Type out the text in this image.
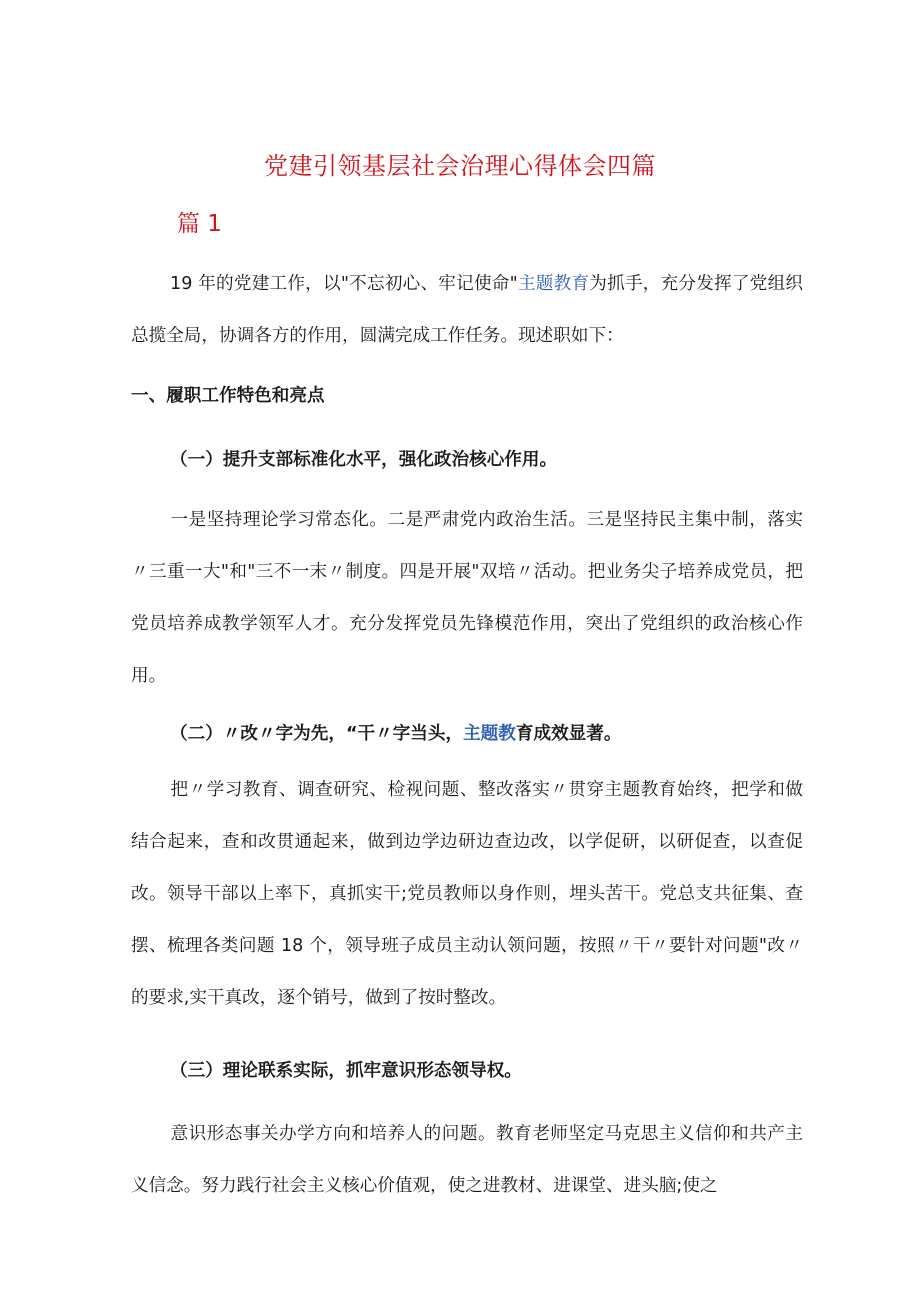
党建引领基层社会治理心得体会四篇
篇 1

19 年的党建工作，以"不忘初心、牢记使命"主题教育为抓手，充分发挥了党组织总揽全局，协调各方的作用，圆满完成工作任务。现述职如下：

一、履职工作特色和亮点

（一）提升支部标准化水平，强化政治核心作用。

一是坚持理论学习常态化。二是严肃党内政治生活。三是坚持民主集中制，落实〃三重一大"和"三不一末〃制度。四是开展"双培〃活动。把业务尖子培养成党员，把党员培养成教学领军人才。充分发挥党员先锋模范作用，突出了党组织的政治核心作用。

（二）〃改〃字为先，“干〃字当头，主题教育成效显著。

把〃学习教育、调查研究、检视问题、整改落实〃贯穿主题教育始终，把学和做结合起来，查和改贯通起来，做到边学边研边查边改，以学促研，以研促查，以查促改。领导干部以上率下，真抓实干;党员教师以身作则，埋头苦干。党总支共征集、查摆、梳理各类问题 18 个，领导班子成员主动认领问题，按照〃干〃要针对问题"改〃的要求,实干真改，逐个销号，做到了按时整改。

（三）理论联系实际，抓牢意识形态领导权。

意识形态事关办学方向和培养人的问题。教育老师坚定马克思主义信仰和共产主义信念。努力践行社会主义核心价值观，使之进教材、进课堂、进头脑;使之
